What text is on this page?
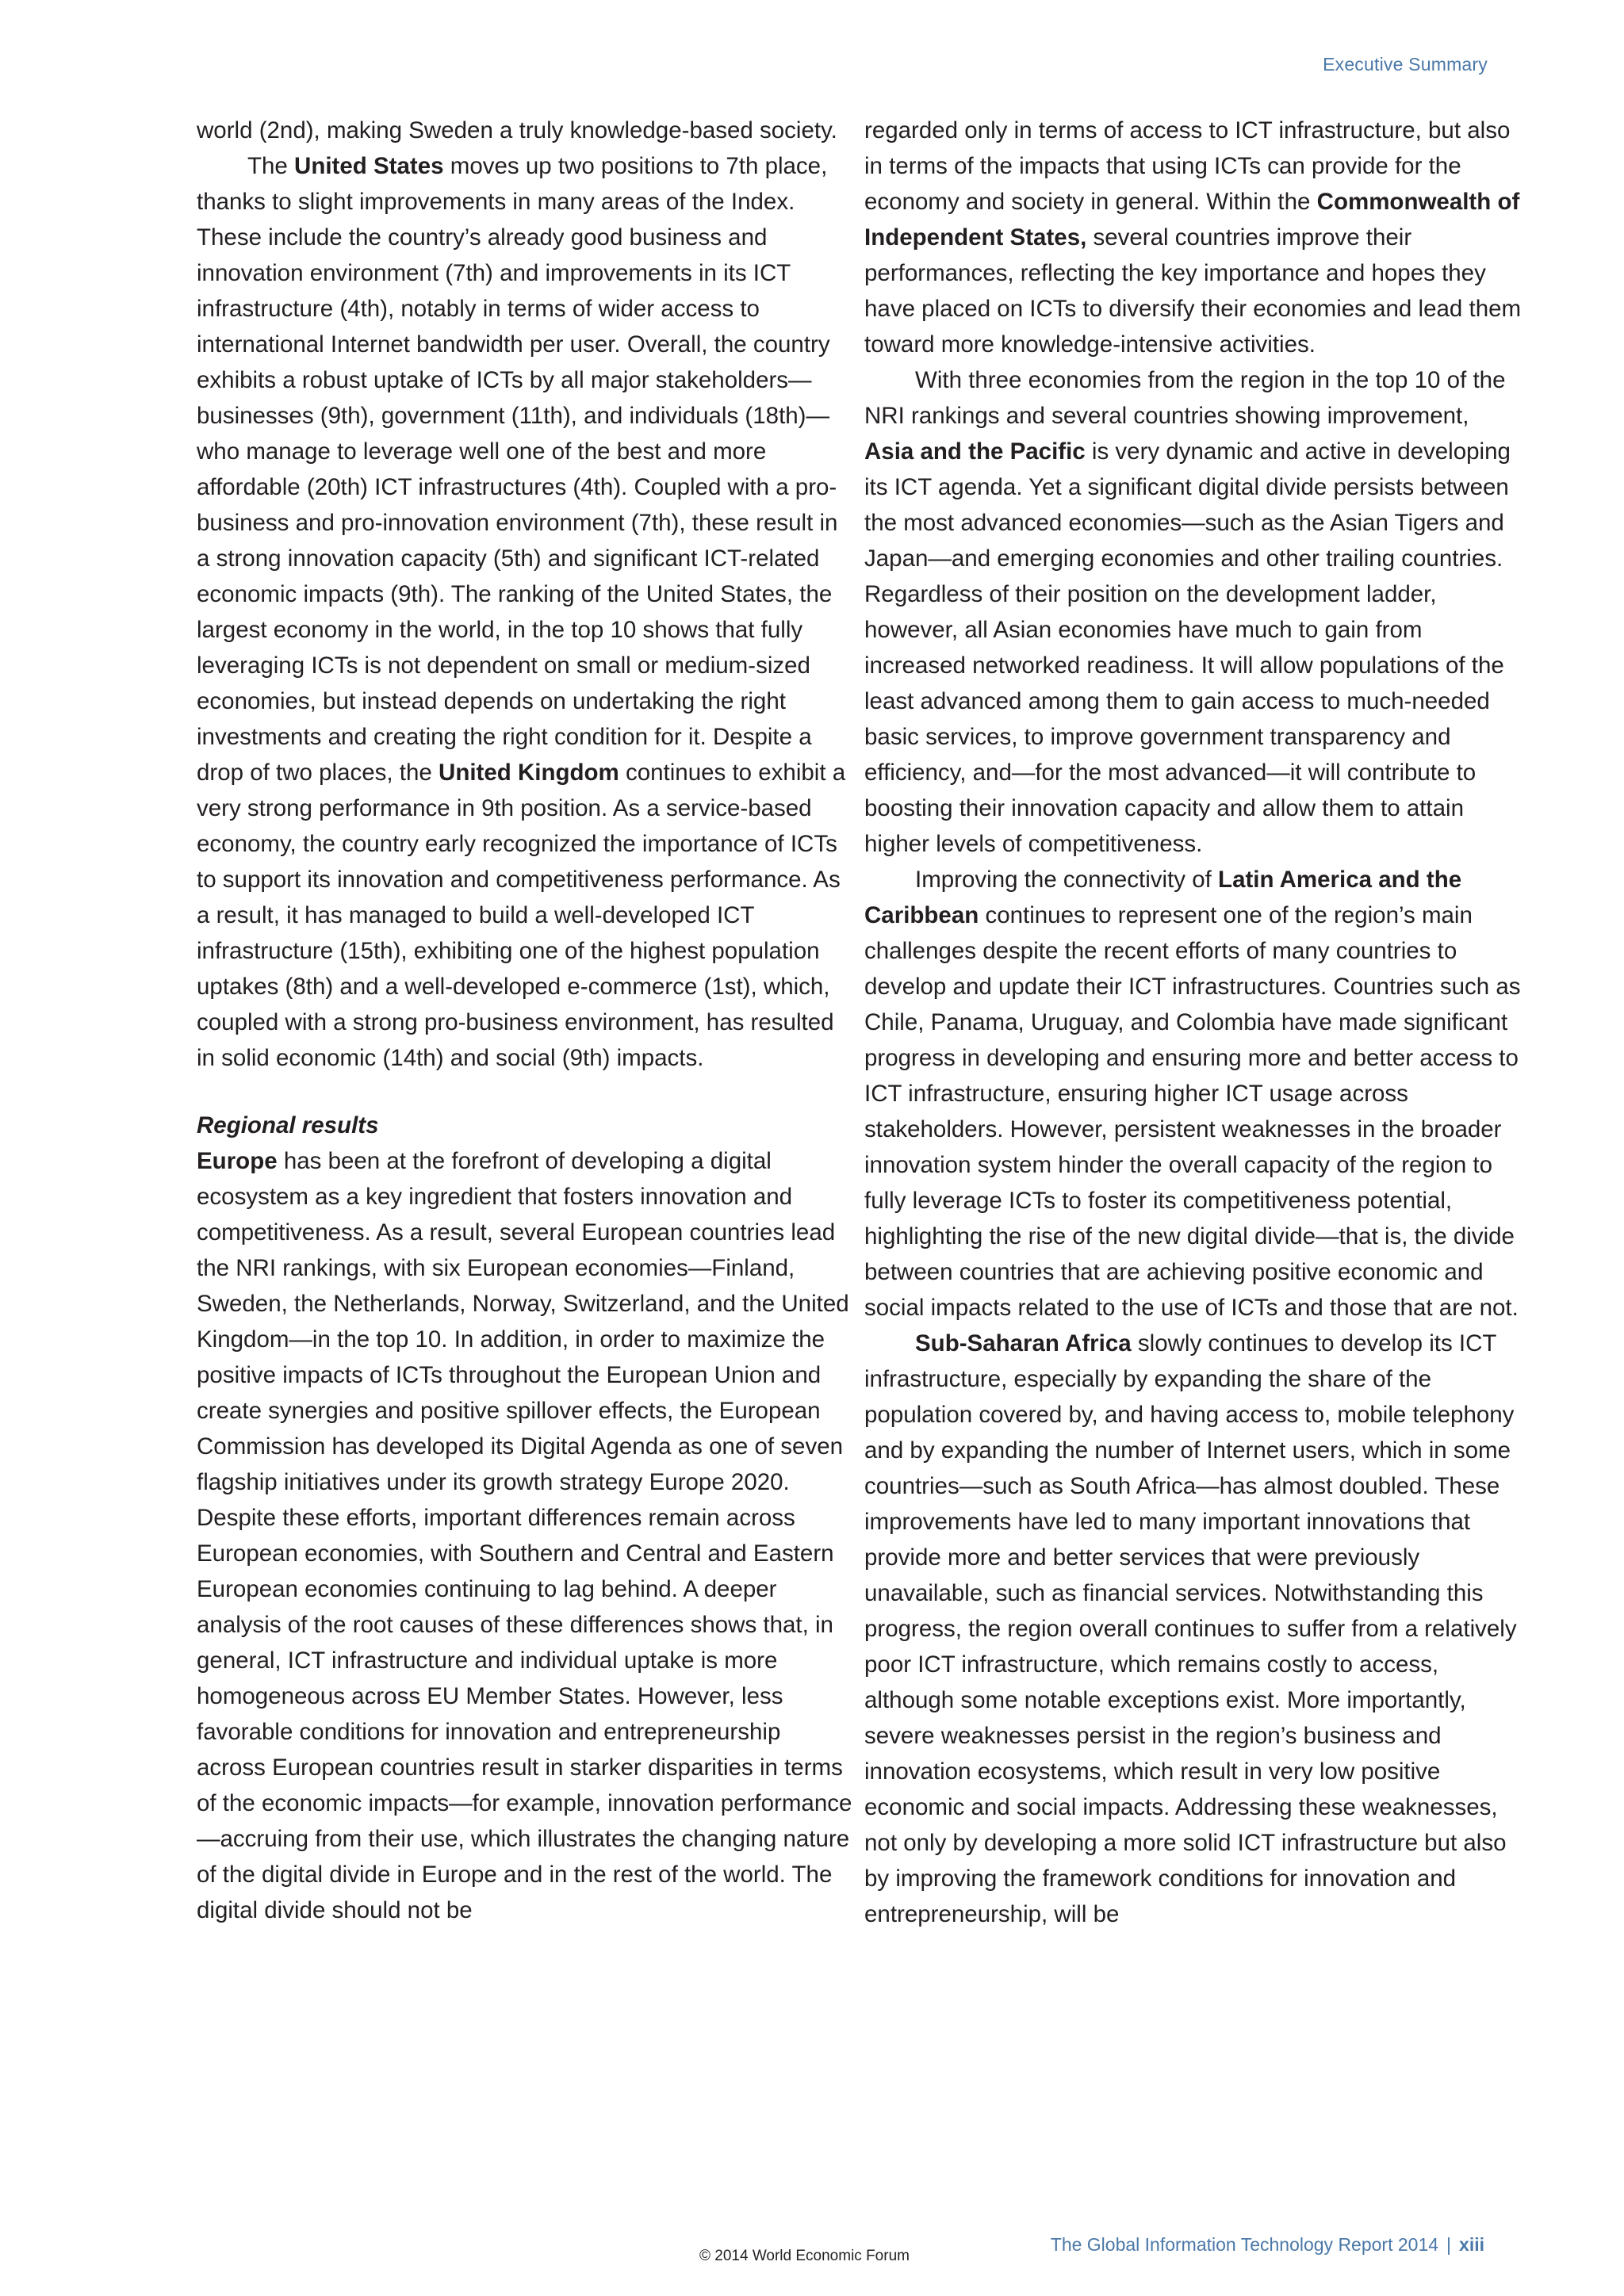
Executive Summary

world (2nd), making Sweden a truly knowledge-based society.

The United States moves up two positions to 7th place, thanks to slight improvements in many areas of the Index. These include the country’s already good business and innovation environment (7th) and improvements in its ICT infrastructure (4th), notably in terms of wider access to international Internet bandwidth per user. Overall, the country exhibits a robust uptake of ICTs by all major stakeholders—businesses (9th), government (11th), and individuals (18th)—who manage to leverage well one of the best and more affordable (20th) ICT infrastructures (4th). Coupled with a pro-business and pro-innovation environment (7th), these result in a strong innovation capacity (5th) and significant ICT-related economic impacts (9th). The ranking of the United States, the largest economy in the world, in the top 10 shows that fully leveraging ICTs is not dependent on small or medium-sized economies, but instead depends on undertaking the right investments and creating the right condition for it. Despite a drop of two places, the United Kingdom continues to exhibit a very strong performance in 9th position. As a service-based economy, the country early recognized the importance of ICTs to support its innovation and competitiveness performance. As a result, it has managed to build a well-developed ICT infrastructure (15th), exhibiting one of the highest population uptakes (8th) and a well-developed e-commerce (1st), which, coupled with a strong pro-business environment, has resulted in solid economic (14th) and social (9th) impacts.

Regional results

Europe has been at the forefront of developing a digital ecosystem as a key ingredient that fosters innovation and competitiveness. As a result, several European countries lead the NRI rankings, with six European economies—Finland, Sweden, the Netherlands, Norway, Switzerland, and the United Kingdom—in the top 10. In addition, in order to maximize the positive impacts of ICTs throughout the European Union and create synergies and positive spillover effects, the European Commission has developed its Digital Agenda as one of seven flagship initiatives under its growth strategy Europe 2020. Despite these efforts, important differences remain across European economies, with Southern and Central and Eastern European economies continuing to lag behind. A deeper analysis of the root causes of these differences shows that, in general, ICT infrastructure and individual uptake is more homogeneous across EU Member States. However, less favorable conditions for innovation and entrepreneurship across European countries result in starker disparities in terms of the economic impacts—for example, innovation performance—accruing from their use, which illustrates the changing nature of the digital divide in Europe and in the rest of the world. The digital divide should not be

regarded only in terms of access to ICT infrastructure, but also in terms of the impacts that using ICTs can provide for the economy and society in general. Within the Commonwealth of Independent States, several countries improve their performances, reflecting the key importance and hopes they have placed on ICTs to diversify their economies and lead them toward more knowledge-intensive activities.

With three economies from the region in the top 10 of the NRI rankings and several countries showing improvement, Asia and the Pacific is very dynamic and active in developing its ICT agenda. Yet a significant digital divide persists between the most advanced economies—such as the Asian Tigers and Japan—and emerging economies and other trailing countries. Regardless of their position on the development ladder, however, all Asian economies have much to gain from increased networked readiness. It will allow populations of the least advanced among them to gain access to much-needed basic services, to improve government transparency and efficiency, and—for the most advanced—it will contribute to boosting their innovation capacity and allow them to attain higher levels of competitiveness.

Improving the connectivity of Latin America and the Caribbean continues to represent one of the region’s main challenges despite the recent efforts of many countries to develop and update their ICT infrastructures. Countries such as Chile, Panama, Uruguay, and Colombia have made significant progress in developing and ensuring more and better access to ICT infrastructure, ensuring higher ICT usage across stakeholders. However, persistent weaknesses in the broader innovation system hinder the overall capacity of the region to fully leverage ICTs to foster its competitiveness potential, highlighting the rise of the new digital divide—that is, the divide between countries that are achieving positive economic and social impacts related to the use of ICTs and those that are not.

Sub-Saharan Africa slowly continues to develop its ICT infrastructure, especially by expanding the share of the population covered by, and having access to, mobile telephony and by expanding the number of Internet users, which in some countries—such as South Africa—has almost doubled. These improvements have led to many important innovations that provide more and better services that were previously unavailable, such as financial services. Notwithstanding this progress, the region overall continues to suffer from a relatively poor ICT infrastructure, which remains costly to access, although some notable exceptions exist. More importantly, severe weaknesses persist in the region’s business and innovation ecosystems, which result in very low positive economic and social impacts. Addressing these weaknesses, not only by developing a more solid ICT infrastructure but also by improving the framework conditions for innovation and entrepreneurship, will be

The Global Information Technology Report 2014 | xiii
© 2014 World Economic Forum
